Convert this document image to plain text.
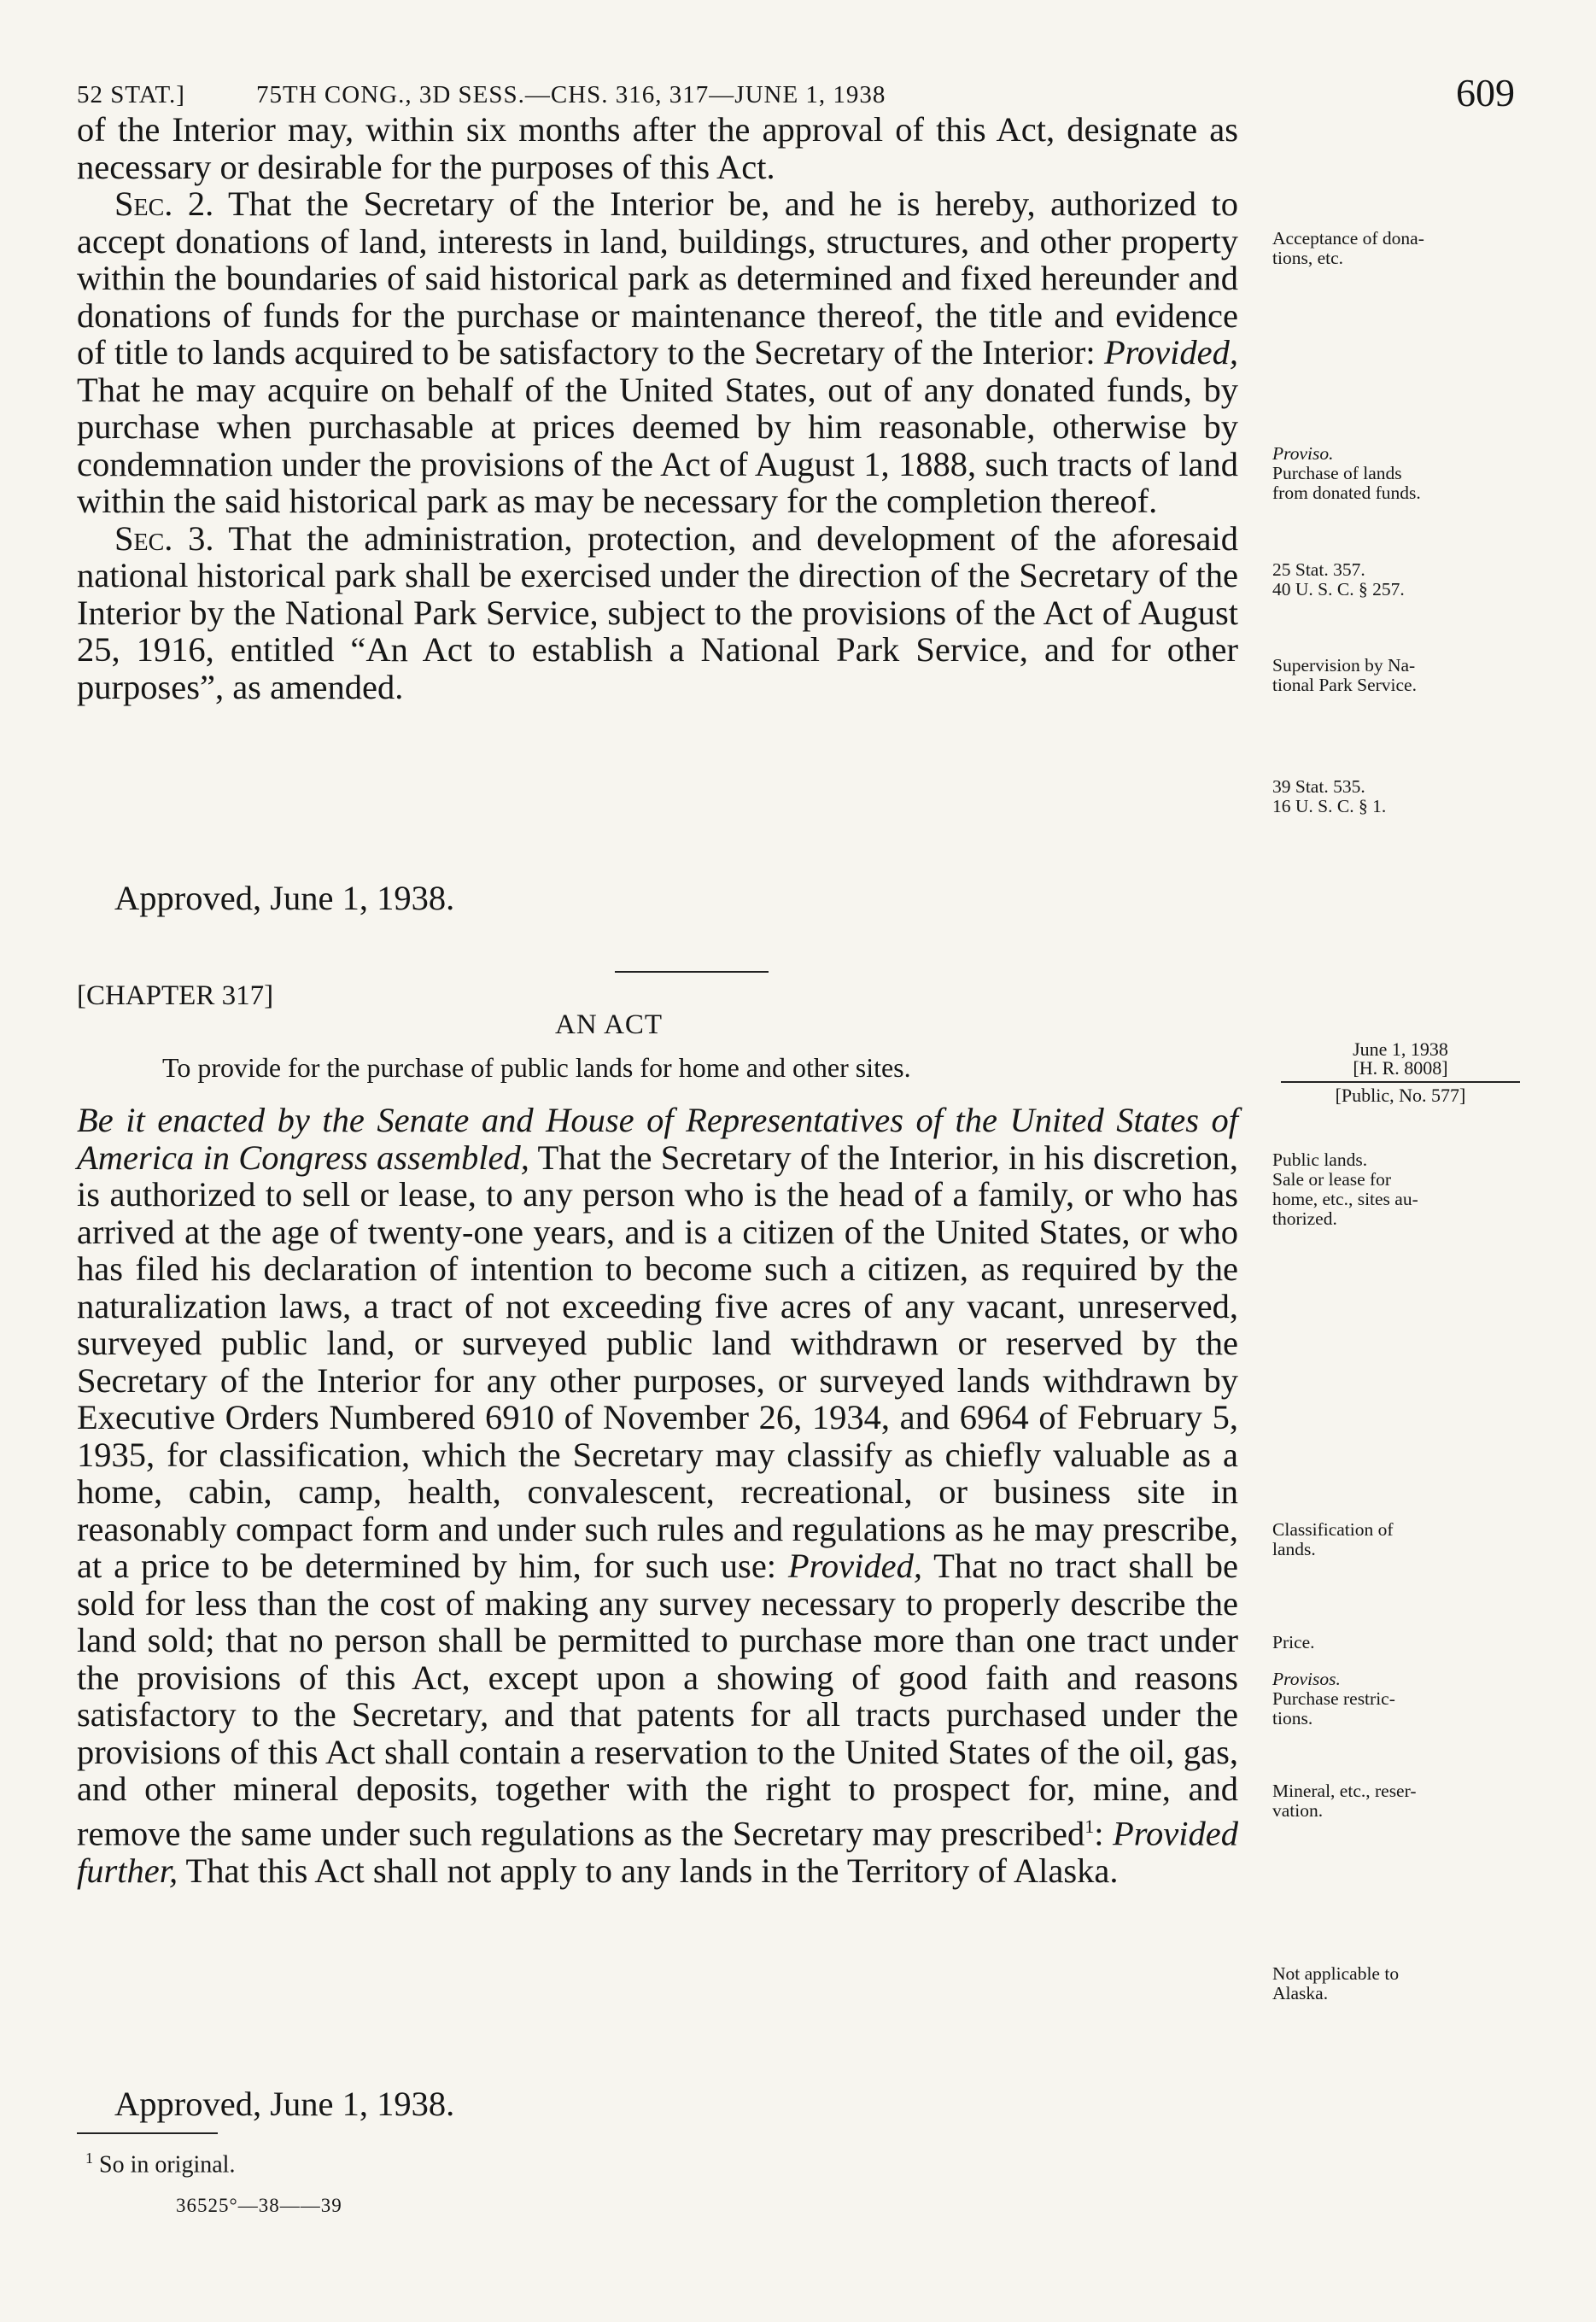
52 STAT.]	75TH CONG., 3D SESS.—CHS. 316, 317—JUNE 1, 1938	609

of the Interior may, within six months after the approval of this Act, designate as necessary or desirable for the purposes of this Act.

Sec. 2. That the Secretary of the Interior be, and he is hereby, authorized to accept donations of land, interests in land, buildings, structures, and other property within the boundaries of said historical park as determined and fixed hereunder and donations of funds for the purchase or maintenance thereof, the title and evidence of title to lands acquired to be satisfactory to the Secretary of the Interior: Provided, That he may acquire on behalf of the United States, out of any donated funds, by purchase when purchasable at prices deemed by him reasonable, otherwise by condemnation under the provisions of the Act of August 1, 1888, such tracts of land within the said historical park as may be necessary for the completion thereof.

Sec. 3. That the administration, protection, and development of the aforesaid national historical park shall be exercised under the direction of the Secretary of the Interior by the National Park Service, subject to the provisions of the Act of August 25, 1916, entitled “An Act to establish a National Park Service, and for other purposes”, as amended.

Approved, June 1, 1938.
Acceptance of dona-
tions, etc.
Proviso.
Purchase of lands
from donated funds.
25 Stat. 357.
40 U. S. C. § 257.
Supervision by Na-
tional Park Service.
39 Stat. 535.
16 U. S. C. § 1.
[CHAPTER 317]
AN ACT
To provide for the purchase of public lands for home and other sites.
June 1, 1938
[H. R. 8008]
[Public, No. 577]

Be it enacted by the Senate and House of Representatives of the United States of America in Congress assembled, That the Secretary of the Interior, in his discretion, is authorized to sell or lease, to any person who is the head of a family, or who has arrived at the age of twenty-one years, and is a citizen of the United States, or who has filed his declaration of intention to become such a citizen, as required by the naturalization laws, a tract of not exceeding five acres of any vacant, unreserved, surveyed public land, or surveyed public land withdrawn or reserved by the Secretary of the Interior for any other purposes, or surveyed lands withdrawn by Executive Orders Numbered 6910 of November 26, 1934, and 6964 of February 5, 1935, for classification, which the Secretary may classify as chiefly valuable as a home, cabin, camp, health, convalescent, recreational, or business site in reasonably compact form and under such rules and regulations as he may prescribe, at a price to be determined by him, for such use: Provided, That no tract shall be sold for less than the cost of making any survey necessary to properly describe the land sold; that no person shall be permitted to purchase more than one tract under the provisions of this Act, except upon a showing of good faith and reasons satisfactory to the Secretary, and that patents for all tracts purchased under the provisions of this Act shall contain a reservation to the United States of the oil, gas, and other mineral deposits, together with the right to prospect for, mine, and remove the same under such regulations as the Secretary may prescribed$^1$: Provided further, That this Act shall not apply to any lands in the Territory of Alaska.

Approved, June 1, 1938.
Public lands.
Sale or lease for
home, etc., sites au-
thorized.
Classification of
lands.
Price.
Provisos.
Purchase restric-
tions.
Mineral, etc., reser-
vation.
Not applicable to
Alaska.
$^1$ So in original.
36525°—38——39
